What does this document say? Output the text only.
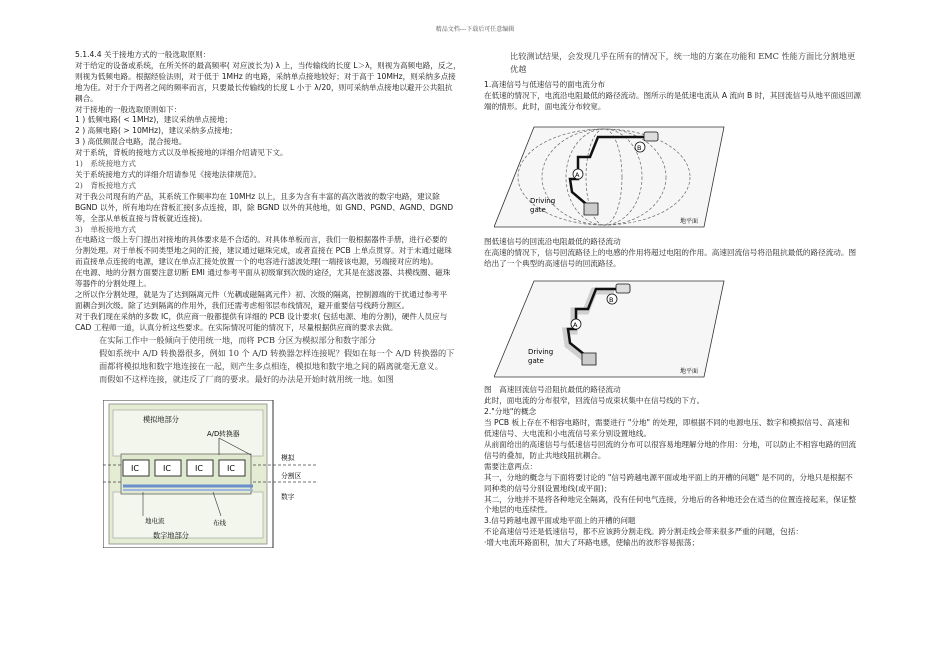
精品文档---下载后可任意编辑
5.1.4.4 关于接地方式的一般选取原则：
对于给定的设备或系统，在所关怀的最高频率( 对应波长为) λ 上，当传输线的长度 L＞λ，则视为高频电路，反之，
则视为低频电路。根据经验法则，对于低于 1MHz 的电路，采纳单点接地较好；对于高于 10MHz，则采纳多点接
地为佳。对于介于两者之间的频率而言，只要最长传输线的长度 L 小于 λ/20，则可采纳单点接地以避开公共阻抗
耦合。
对于接地的一般选取原则如下：
1 ) 低频电路( < 1MHz)，建议采纳单点接地；
2 ) 高频电路( > 10MHz)，建议采纳多点接地；
3 ) 高低频混合电路，混合接地。
对于系统，背板的接地方式以及单板接地的详细介绍请见下文。
1)　系统接地方式
关于系统接地方式的详细介绍请参见《接地法律规范》。
2)　背板接地方式
对于我公司现有的产品，其系统工作频率均在 10MHz 以上，且多为含有丰富的高次谐波的数字电路，建议除
BGND 以外，所有地均在背板汇接(多点连接，即，除 BGND 以外的其他地，如 GND、PGND、AGND、DGND
等，全部从单板直接与背板就近连接)。
3)　单板接地方式
在电路这一级上专门提出对接地的具体要求是不合适的。对具体单板而言，我们一般根据器件手册，进行必要的
分割处理。对于单板不同类型地之间的汇接，建议通过磁珠完成，或者直接在 PCB 上单点贯穿。对于未通过磁珠
而直接单点连接的电源，建议在单点汇接处放置一个的电容进行滤波处理(一端接该电源，另端接对应的地)。
在电源、地的分割方面要注意切断 EMI 通过参考平面从初级窜到次级的途径，尤其是在滤波器、共模线圈、磁珠
等器件的分割处理上。
之所以作分割处理，就是为了达到隔离元件（光耦或磁隔离元件）初、次级的隔离，控制源端的干扰通过参考平
面耦合到次级。除了达到隔离的作用外，我们还需考虑相邻层布线情况，避开重要信号线跨分割区。
对于我们现在采纳的多数 IC，供应商一般都提供有详细的 PCB 设计要求( 包括电源、地的分割)，硬件人员应与
CAD 工程师一道，认真分析这些要求。在实际情况可能的情况下，尽量根据供应商的要求去做。
在实际工作中一般倾向于使用统一地，而将 PCB 分区为模拟部分和数字部分
假如系统中 A/D 转换器很多，例如 10 个 A/D 转换器怎样连接呢？假如在每一个 A/D 转换器的下
面都将模拟地和数字地连接在一起，则产生多点相连，模拟地和数字地之间的隔离就毫无意义。
而假如不这样连接，就违反了厂商的要求。最好的办法是开始时就用统一地。如图
IC	IC	IC	IC
模拟地部分
A/D转换器
地电流	布线
数字地部分
模拟
分割区
数字
比较测试结果，会发现几乎在所有的情况下，统一地的方案在功能和 EMC 性能方面比分割地更
优越
1.高速信号与低速信号的面电流分布
在低速的情况下，电流沿电阻最低的路径流动。图所示的是低速电流从 A 流向 B 时，其回流信号从地平面返回源
端的情形。此时，面电流分布较宽。
A
B
Driving
gate
地平面
图低速信号的回流沿电阻最低的路径流动
在高速的情况下，信号回流路径上的电感的作用将超过电阻的作用。高速回流信号将沿阻抗最低的路径流动。图
给出了一个典型的高速信号的回流路径。
A
B
Driving
gate
地平面
图　高速回流信号沿阻抗最低的路径流动
此时，面电流的分布很窄，回流信号成束状集中在信号线的下方。
2."分地"的概念
当 PCB 板上存在不相容电路时，需要进行 "分地" 的处理，即根据不同的电源电压、数字和模拟信号、高速和
低速信号、大电流和小电流信号来分别设置地线。
从前面给出的高速信号与低速信号回流的分布可以很容易地理解分地的作用：分地，可以防止不相容电路的回流
信号的叠加，防止共地线阻抗耦合。
需要注意两点：
其一，分地的概念与下面将要讨论的 "信号跨越电源平面或地平面上的开槽的问题" 是不同的，分地只是根据不
同种类的信号分别设置地线(或平面)；
其二，分地并不是将各种地完全隔离，没有任何电气连接，分地后的各种地还会在适当的位置连接起来，保证整
个地层的电连续性。
3.信号跨越电源平面或地平面上的开槽的问题
不论高速信号还是低速信号，都不应该跨分割走线。跨分割走线会带来很多严重的问题，包括：
·增大电流环路面积，加大了环路电感，使输出的波形容易振荡；
